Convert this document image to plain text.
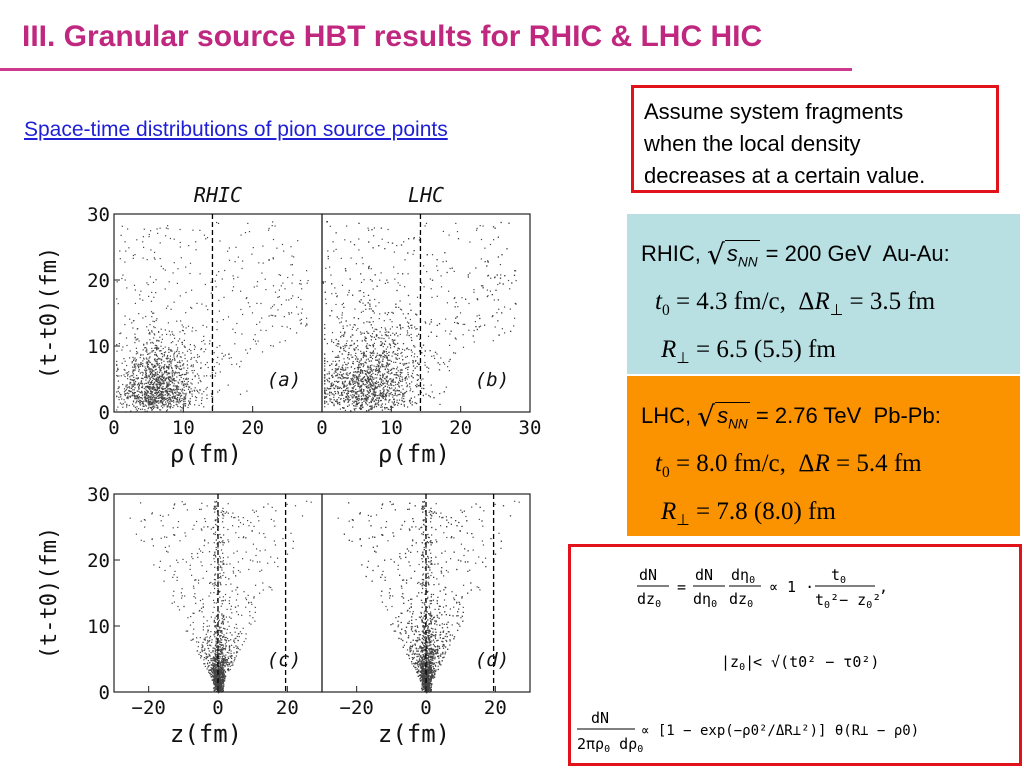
III. Granular source HBT results for RHIC & LHC HIC
Space-time distributions of pion source points
0	10 20
0
10
20
30
(a)
ρ(fm)
(t-t0)(fm)
RHIC
0	10 20 30
(b)
ρ(fm)
LHC
−20 0	20
0
10
20
30
(c)
z(fm)
(t-t0)(fm)
−20 0	20
(d)
z(fm)
Assume system fragments
when the local density
decreases at a certain value.
RHIC, $√s_{NN} = 200$ GeV Au-Au:
$t_0 = 4.3$ fm/c,  $\Delta R_\perp = 3.5$ fm
$R_\perp = 6.5$ (5.5) fm
LHC, $√s_{NN} = 2.76$ TeV Pb-Pb:
$t_0 = 8.0$ fm/c,  ΔR = 5.4 fm
$R_\perp = 7.8$ (8.0) fm
dN
$dz_0$
=
dN
$d\eta_0$
$d\eta_0$
$dz_0$
∝ 1 ·
$t_0$
$t_0^2- z_0^2$
,
$|z_0|$
< √(t0² − τ0²)
dN
$2\pi\rho_0$ $d\rho_0$
∝ [1 − exp(−ρ0²/ΔR⊥²)] θ(R⊥ − ρ0)
